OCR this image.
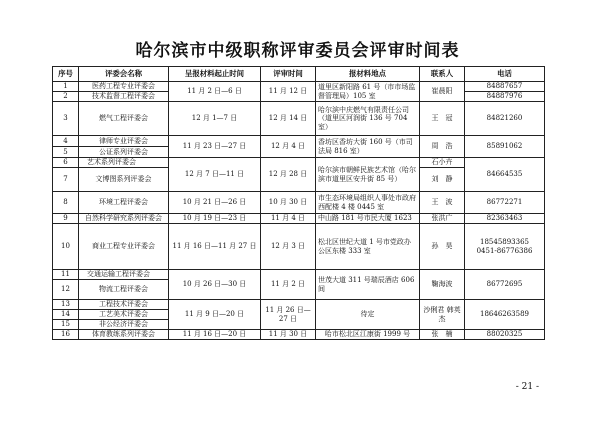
哈尔滨市中级职称评审委员会评审时间表
序号	评委会名称	呈报材料起止时间	评审时间	报材料地点	联系人	电话
1	医药工程专业评委会	11 月 2 日—6 日	11 月 12 日	道里区新阳路 61 号（市市场监督管理局）105 室	崔晨阳	84887657
2	技术监督工程评委会					84887976
3	燃气工程评委会	12 月 1—7 日	12 月 14 日	哈尔滨中庆燃气有限责任公司（道里区河润街 136 号 704 室）	王　冠	84821260
4	律师专业评委会	11 月 23 日—27 日	12 月 4 日	香坊区香坊大街 160 号（市司法局 816 室）	周　浩	85891062
5	公证系列评委会					
6	艺术系列评委会	12 月 7 日—11 日	12 月 28 日	哈尔滨市朝鲜民族艺术馆（哈尔滨市道里区安升街 85 号）	石小卉	84664535
7	文博图系列评委会				刘　静	
8	环境工程评委会	10 月 21 日—26 日	10 月 30 日	市生态环境局组织人事处市政府西配楼 4 楼 0445 室	王　波	86772271
9	自然科学研究系列评委会	10 月 19 日—23 日	11 月 4 日	中山路 181 号市民大厦 1623	张洪广	82363463
10	商业工程专业评委会	11 月 16 日—11 月 27 日	12 月 3 日	松北区世纪大道 1 号市党政办公区东楼 333 室	孙　昊	18545893365
0451-86776386

11	交通运输工程评委会	10 月 26 日—30 日	11 月 2 日	世茂大道 311 号瑞辰酒店 606 间	鞠海波	86772695
12	物流工程评委会					
13	工程技术评委会	11 月 9 日—20 日	11 月 26 日—27 日	待定	沙俐君 韩英杰	18646263589
14	工艺美术评委会					
15	非公经济评委会					
16	体育教练系列评委会	11 月 16 日—20 日	11 月 30 日	哈市松北区江康街 1999 号	张　楠	88020325
- 21 -
